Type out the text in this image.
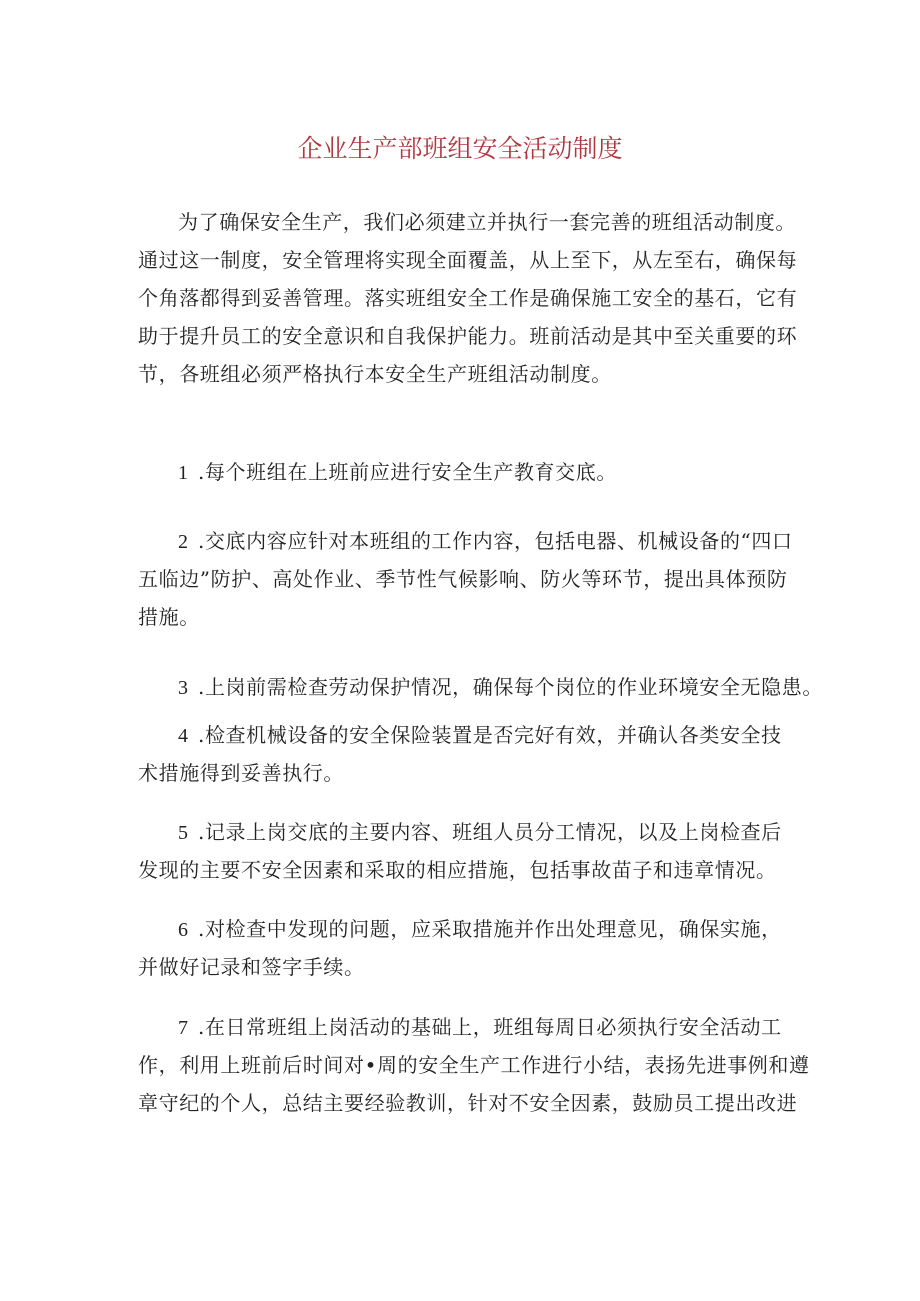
企业生产部班组安全活动制度
为了确保安全生产，我们必须建立并执行一套完善的班组活动制度。
通过这一制度，安全管理将实现全面覆盖，从上至下，从左至右，确保每
个角落都得到妥善管理。落实班组安全工作是确保施工安全的基石，它有
助于提升员工的安全意识和自我保护能力。班前活动是其中至关重要的环
节，各班组必须严格执行本安全生产班组活动制度。
1 .每个班组在上班前应进行安全生产教育交底。
2 .交底内容应针对本班组的工作内容，包括电器、机械设备的“四口
五临边”防护、高处作业、季节性气候影响、防火等环节，提出具体预防
措施。
3 .上岗前需检查劳动保护情况，确保每个岗位的作业环境安全无隐患。
4 .检查机械设备的安全保险装置是否完好有效，并确认各类安全技
术措施得到妥善执行。
5 .记录上岗交底的主要内容、班组人员分工情况，以及上岗检查后
发现的主要不安全因素和采取的相应措施，包括事故苗子和违章情况。
6 .对检查中发现的问题，应采取措施并作出处理意见，确保实施，
并做好记录和签字手续。
7 .在日常班组上岗活动的基础上，班组每周日必须执行安全活动工
作，利用上班前后时间对•周的安全生产工作进行小结，表扬先进事例和遵
章守纪的个人，总结主要经验教训，针对不安全因素，鼓励员工提出改进
